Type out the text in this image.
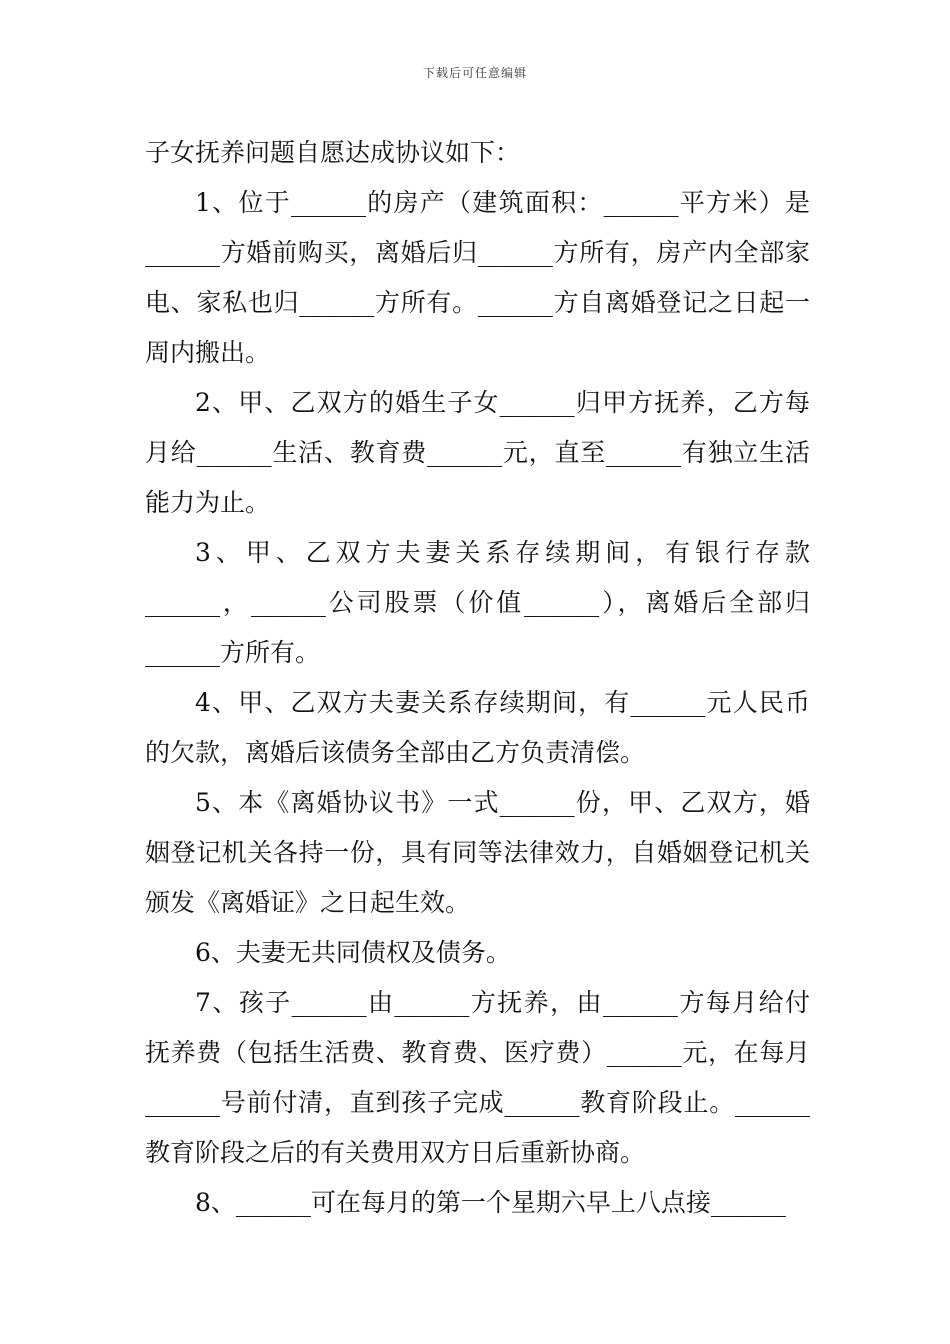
下载后可任意编辑

子女抚养问题自愿达成协议如下：

1、位于______的房产（建筑面积：______平方米）是______方婚前购买，离婚后归______方所有，房产内全部家电、家私也归______方所有。______方自离婚登记之日起一周内搬出。

2、甲、乙双方的婚生子女______归甲方抚养，乙方每月给______生活、教育费______元，直至______有独立生活能力为止。

3、甲、乙双方夫妻关系存续期间，有银行存款______，______公司股票（价值______），离婚后全部归______方所有。

4、甲、乙双方夫妻关系存续期间，有______元人民币的欠款，离婚后该债务全部由乙方负责清偿。

5、本《离婚协议书》一式______份，甲、乙双方，婚姻登记机关各持一份，具有同等法律效力，自婚姻登记机关颁发《离婚证》之日起生效。

6、夫妻无共同债权及债务。

7、孩子______由______方抚养，由______方每月给付抚养费（包括生活费、教育费、医疗费）______元，在每月______号前付清，直到孩子完成______教育阶段止。______教育阶段之后的有关费用双方日后重新协商。

8、______可在每月的第一个星期六早上八点接______
